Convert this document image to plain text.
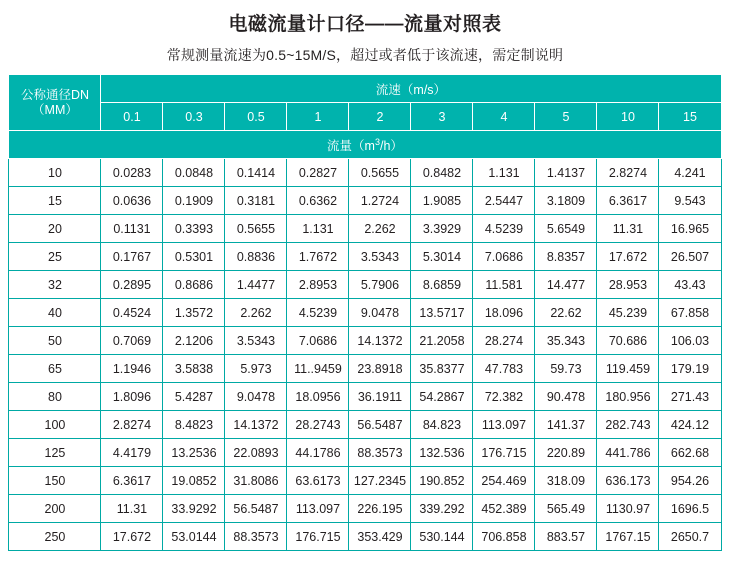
电磁流量计口径——流量对照表
常规测量流速为0.5~15M/S，超过或者低于该流速，需定制说明
公称通径DN
（MM）	流速（m/s）									
	0.1	0.3	0.5	1	2	3	4	5	10	15
流量$(m^3/h)$										
10	0.0283	0.0848	0.1414	0.2827	0.5655	0.8482	1.131	1.4137	2.8274	4.241
15	0.0636	0.1909	0.3181	0.6362	1.2724	1.9085	2.5447	3.1809	6.3617	9.543
20	0.1131	0.3393	0.5655	1.131	2.262	3.3929	4.5239	5.6549	11.31	16.965
25	0.1767	0.5301	0.8836	1.7672	3.5343	5.3014	7.0686	8.8357	17.672	26.507
32	0.2895	0.8686	1.4477	2.8953	5.7906	8.6859	11.581	14.477	28.953	43.43
40	0.4524	1.3572	2.262	4.5239	9.0478	13.5717	18.096	22.62	45.239	67.858
50	0.7069	2.1206	3.5343	7.0686	14.1372	21.2058	28.274	35.343	70.686	106.03
65	1.1946	3.5838	5.973	11..9459	23.8918	35.8377	47.783	59.73	119.459	179.19
80	1.8096	5.4287	9.0478	18.0956	36.1911	54.2867	72.382	90.478	180.956	271.43
100	2.8274	8.4823	14.1372	28.2743	56.5487	84.823	113.097	141.37	282.743	424.12
125	4.4179	13.2536	22.0893	44.1786	88.3573	132.536	176.715	220.89	441.786	662.68
150	6.3617	19.0852	31.8086	63.6173	127.2345	190.852	254.469	318.09	636.173	954.26
200	11.31	33.9292	56.5487	113.097	226.195	339.292	452.389	565.49	1130.97	1696.5
250	17.672	53.0144	88.3573	176.715	353.429	530.144	706.858	883.57	1767.15	2650.7
